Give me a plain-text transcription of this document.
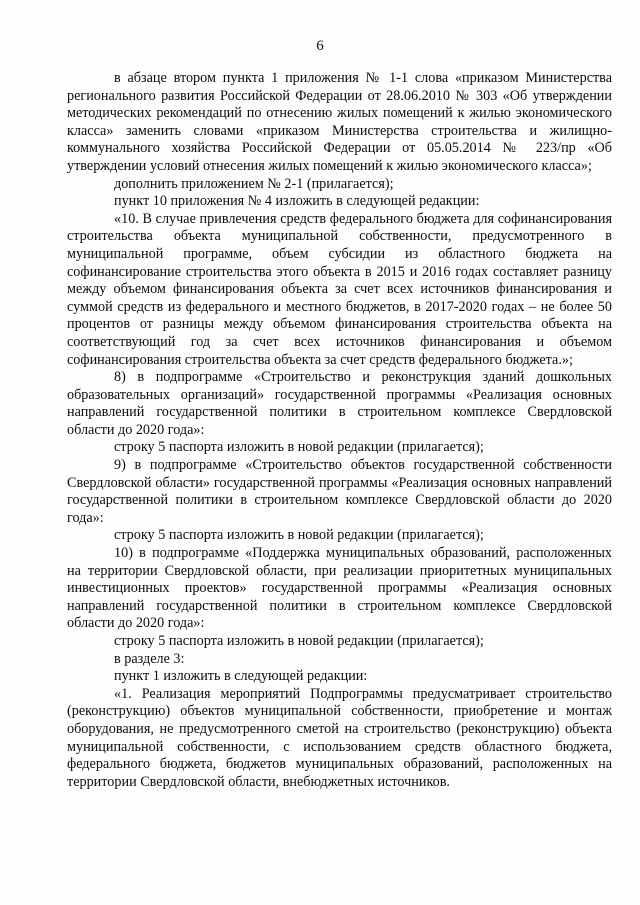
6

в абзаце втором пункта 1 приложения № 1-1 слова «приказом Министерства регионального развития Российской Федерации от 28.06.2010 № 303 «Об утверждении методических рекомендаций по отнесению жилых помещений к жилью экономического класса» заменить словами «приказом Министерства строительства и жилищно-коммунального хозяйства Российской Федерации от 05.05.2014 № 223/пр «Об утверждении условий отнесения жилых помещений к жилью экономического класса»;

дополнить приложением № 2-1 (прилагается);

пункт 10 приложения № 4 изложить в следующей редакции:

«10. В случае привлечения средств федерального бюджета для софинансирования строительства объекта муниципальной собственности, предусмотренного в муниципальной программе, объем субсидии из областного бюджета на софинансирование строительства этого объекта в 2015 и 2016 годах составляет разницу между объемом финансирования объекта за счет всех источников финансирования и суммой средств из федерального и местного бюджетов, в 2017-2020 годах – не более 50 процентов от разницы между объемом финансирования строительства объекта на соответствующий год за счет всех источников финансирования и объемом софинансирования строительства объекта за счет средств федерального бюджета.»;

8) в подпрограмме «Строительство и реконструкция зданий дошкольных образовательных организаций» государственной программы «Реализация основных направлений государственной политики в строительном комплексе Свердловской области до 2020 года»:

строку 5 паспорта изложить в новой редакции (прилагается);

9) в подпрограмме «Строительство объектов государственной собственности Свердловской области» государственной программы «Реализация основных направлений государственной политики в строительном комплексе Свердловской области до 2020 года»:

строку 5 паспорта изложить в новой редакции (прилагается);

10) в подпрограмме «Поддержка муниципальных образований, расположенных на территории Свердловской области, при реализации приоритетных муниципальных инвестиционных проектов» государственной программы «Реализация основных направлений государственной политики в строительном комплексе Свердловской области до 2020 года»:

строку 5 паспорта изложить в новой редакции (прилагается);

в разделе 3:

пункт 1 изложить в следующей редакции:

«1. Реализация мероприятий Подпрограммы предусматривает строительство (реконструкцию) объектов муниципальной собственности, приобретение и монтаж оборудования, не предусмотренного сметой на строительство (реконструкцию) объекта муниципальной собственности, с использованием средств областного бюджета, федерального бюджета, бюджетов муниципальных образований, расположенных на территории Свердловской области, внебюджетных источников.
